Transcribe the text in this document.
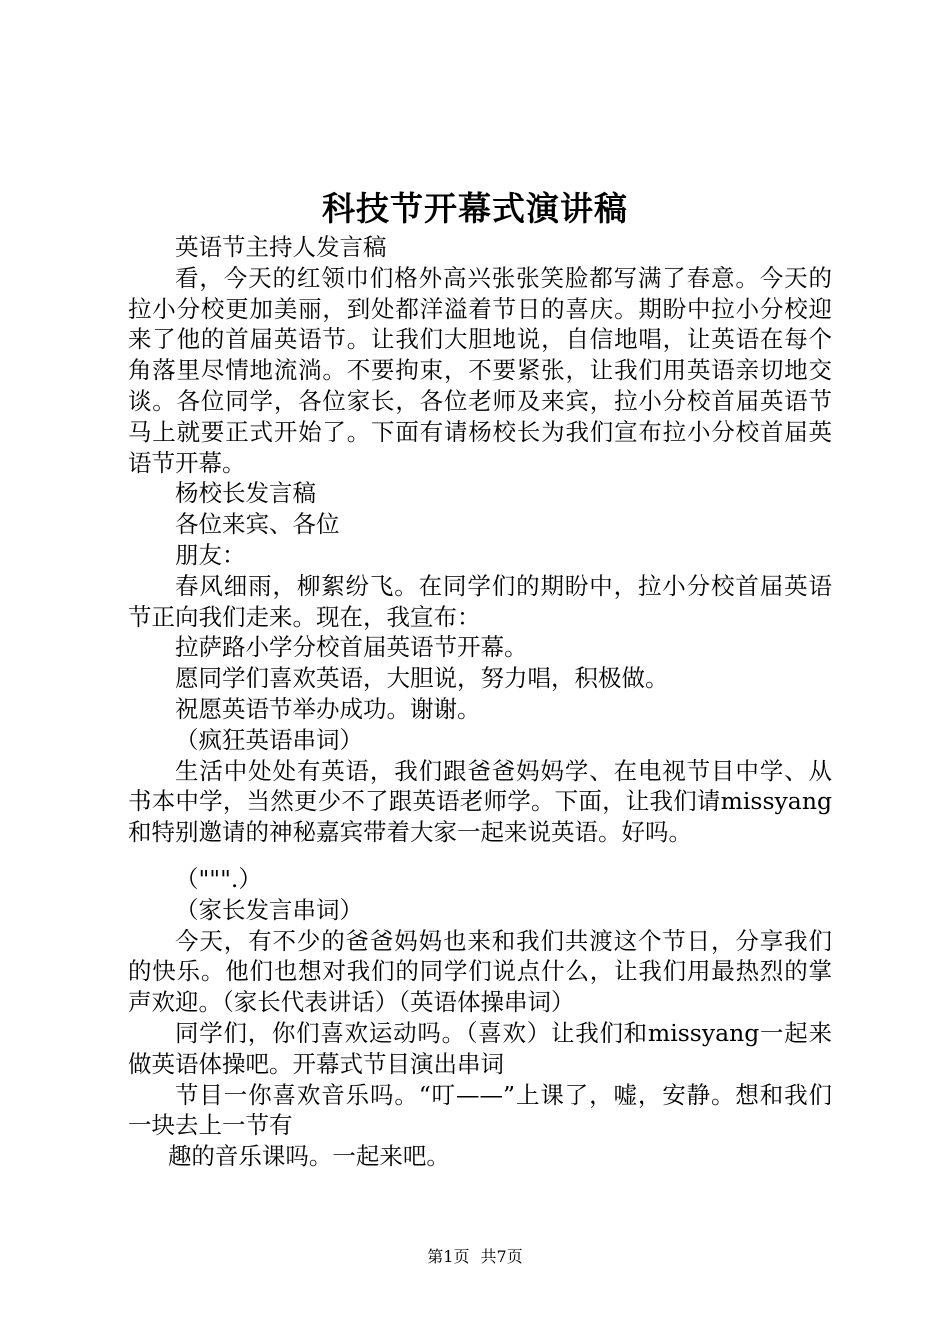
科技节开幕式演讲稿

英语节主持人发言稿

看，今天的红领巾们格外高兴张张笑脸都写满了春意。今天的拉小分校更加美丽，到处都洋溢着节日的喜庆。期盼中拉小分校迎来了他的首届英语节。让我们大胆地说，自信地唱，让英语在每个角落里尽情地流淌。不要拘束，不要紧张，让我们用英语亲切地交谈。各位同学，各位家长，各位老师及来宾，拉小分校首届英语节马上就要正式开始了。下面有请杨校长为我们宣布拉小分校首届英语节开幕。

杨校长发言稿

各位来宾、各位

朋友：

春风细雨，柳絮纷飞。在同学们的期盼中，拉小分校首届英语节正向我们走来。现在，我宣布：

拉萨路小学分校首届英语节开幕。

愿同学们喜欢英语，大胆说，努力唱，积极做。

祝愿英语节举办成功。谢谢。

（疯狂英语串词）

生活中处处有英语，我们跟爸爸妈妈学、在电视节目中学、从书本中学，当然更少不了跟英语老师学。下面，让我们请missyang和特别邀请的神秘嘉宾带着大家一起来说英语。好吗。

（""".）

（家长发言串词）

今天，有不少的爸爸妈妈也来和我们共渡这个节日，分享我们的快乐。他们也想对我们的同学们说点什么，让我们用最热烈的掌声欢迎。（家长代表讲话）（英语体操串词）

同学们，你们喜欢运动吗。（喜欢）让我们和missyang一起来做英语体操吧。开幕式节目演出串词

节目一你喜欢音乐吗。“叮——”上课了，嘘，安静。想和我们一块去上一节有

趣的音乐课吗。一起来吧。

第1页 共7页
